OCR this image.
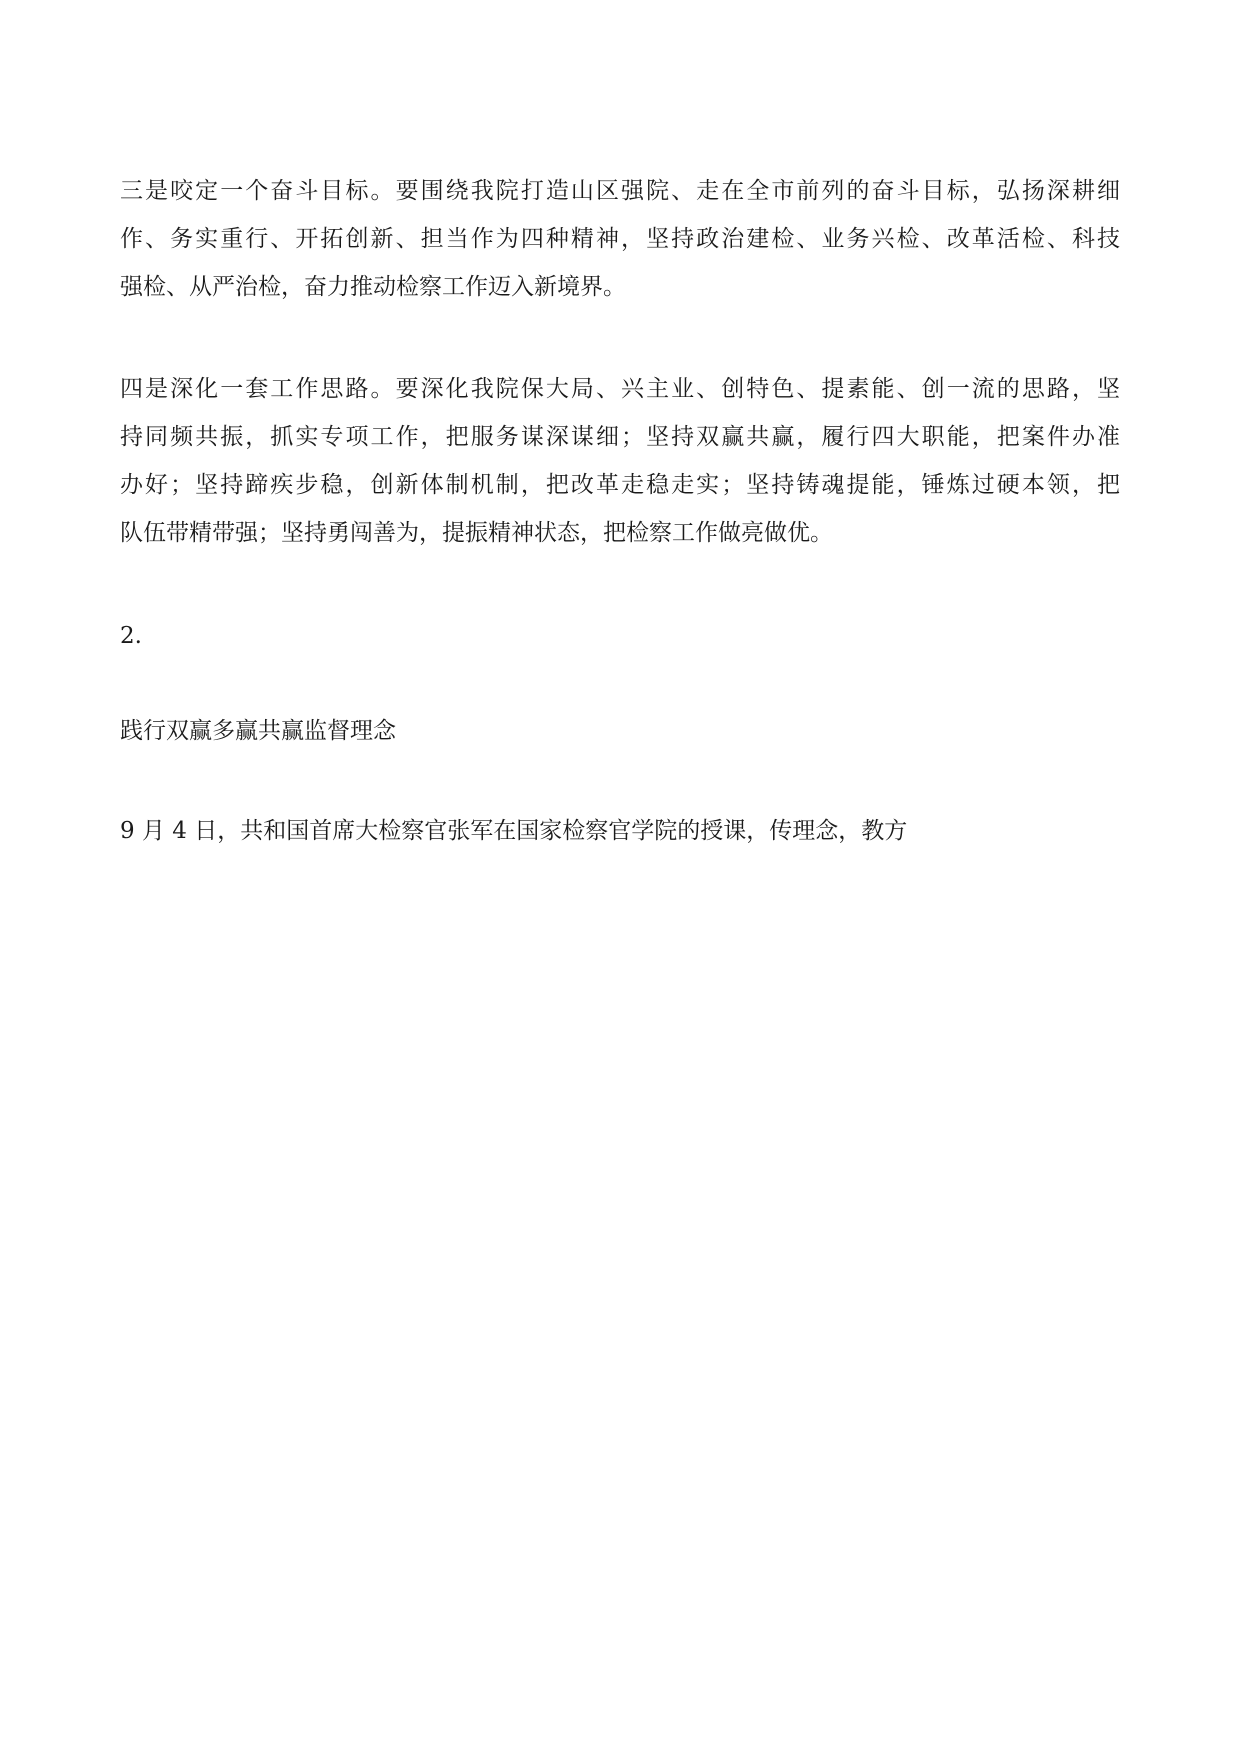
三是咬定一个奋斗目标。要围绕我院打造山区强院、走在全市前列的奋斗目标，弘扬深耕细
作、务实重行、开拓创新、担当作为四种精神，坚持政治建检、业务兴检、改革活检、科技
强检、从严治检，奋力推动检察工作迈入新境界。
四是深化一套工作思路。要深化我院保大局、兴主业、创特色、提素能、创一流的思路，坚
持同频共振，抓实专项工作，把服务谋深谋细；坚持双赢共赢，履行四大职能，把案件办准
办好；坚持蹄疾步稳，创新体制机制，把改革走稳走实；坚持铸魂提能，锤炼过硬本领，把
队伍带精带强；坚持勇闯善为，提振精神状态，把检察工作做亮做优。
2.
践行双赢多赢共赢监督理念
9 月 4 日，共和国首席大检察官张军在国家检察官学院的授课，传理念，教方
